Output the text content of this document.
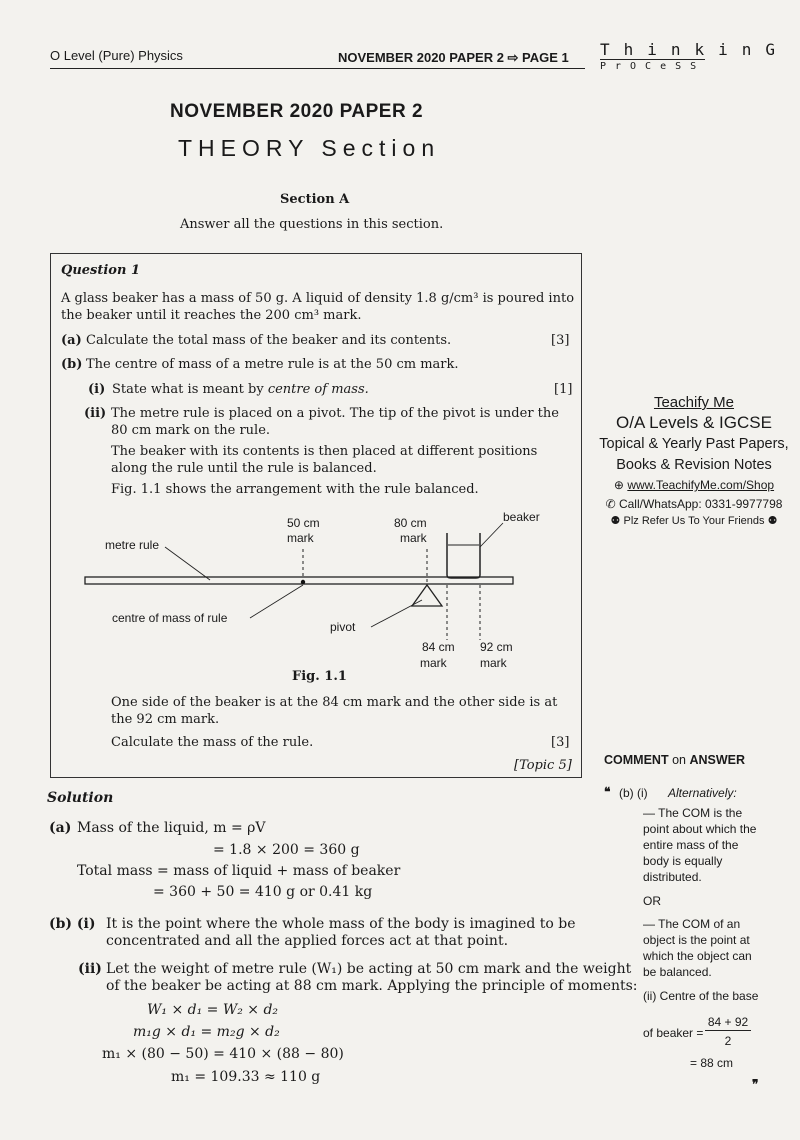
O Level (Pure) Physics	NOVEMBER 2020 PAPER 2 ⇨ PAGE 1 ThinkinG
PrOCeSS
NOVEMBER 2020 PAPER 2
THEORY Section
Section A
Answer all the questions in this section.
Question 1
A glass beaker has a mass of 50 g. A liquid of density 1.8 g/cm³ is poured into the beaker until it reaches the 200 cm³ mark.
(a) Calculate the total mass of the beaker and its contents.	[3]
(b) The centre of mass of a metre rule is at the 50 cm mark.
(i) State what is meant by centre of mass.	[1]
(ii) The metre rule is placed on a pivot. The tip of the pivot is under the 80 cm mark on the rule.
The beaker with its contents is then placed at different positions along the rule until the rule is balanced.
Fig. 1.1 shows the arrangement with the rule balanced.
50 cm
mark
80 cm
mark
beaker
metre rule
centre of mass of rule
pivot
84 cm
mark
92 cm
mark
Fig. 1.1
One side of the beaker is at the 84 cm mark and the other side is at the 92 cm mark.
Calculate the mass of the rule.	[3]
[Topic 5]
Teachify Me
O/A Levels & IGCSE
Topical & Yearly Past Papers,
Books & Revision Notes
⊕ www.TeachifyMe.com/Shop
✆ Call/WhatsApp: 0331-9977798
⚉ Plz Refer Us To Your Friends ⚉
Solution
(a) Mass of the liquid, m = ρV
= 1.8 × 200 = 360 g
Total mass = mass of liquid + mass of beaker
= 360 + 50 = 410 g or 0.41 kg
(b) (i) It is the point where the whole mass of the body is imagined to be
concentrated and all the applied forces act at that point.
(ii) Let the weight of metre rule (W₁) be acting at 50 cm mark and the weight
of the beaker be acting at 88 cm mark. Applying the principle of moments:
W₁ × d₁ = W₂ × d₂
m₁g × d₁ = m₂g × d₂
m₁ × (80 − 50) = 410 × (88 − 80)
m₁ = 109.33 ≈ 110 g
COMMENT on ANSWER
❝ (b) (i) Alternatively:
— The COM is the point about which the entire mass of the body is equally distributed.
OR
— The COM of an object is the point at which the object can be balanced.
(ii) Centre of the base
of beaker =
84 + 92
2
= 88 cm
❞
